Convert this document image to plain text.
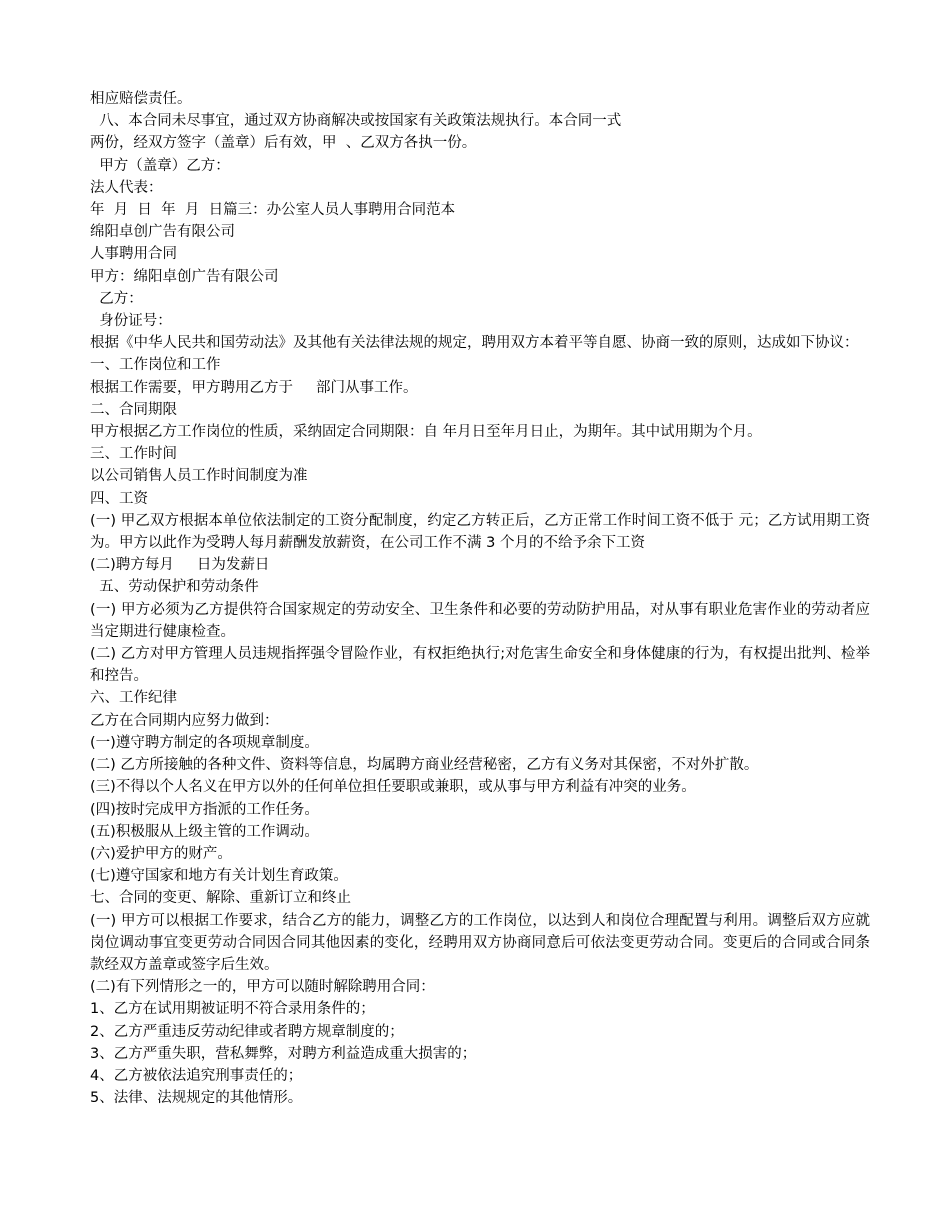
相应赔偿责任。
八、本合同未尽事宜，通过双方协商解决或按国家有关政策法规执行。本合同一式
两份，经双方签字（盖章）后有效，甲  、乙双方各执一份。
甲方（盖章）乙方：
法人代表：
年  月  日  年  月  日篇三：办公室人员人事聘用合同范本
绵阳卓创广告有限公司
人事聘用合同
甲方：绵阳卓创广告有限公司
乙方：
身份证号：
根据《中华人民共和国劳动法》及其他有关法律法规的规定，聘用双方本着平等自愿、协商一致的原则，达成如下协议：
一、工作岗位和工作
根据工作需要，甲方聘用乙方于     部门从事工作。
二、合同期限
甲方根据乙方工作岗位的性质，采纳固定合同期限：自 年月日至年月日止，为期年。其中试用期为个月。
三、工作时间
以公司销售人员工作时间制度为准
四、工资
(一) 甲乙双方根据本单位依法制定的工资分配制度，约定乙方转正后，乙方正常工作时间工资不低于 元；乙方试用期工资为。甲方以此作为受聘人每月薪酬发放薪资，在公司工作不满 3 个月的不给予余下工资
(二)聘方每月     日为发薪日
五、劳动保护和劳动条件
(一) 甲方必须为乙方提供符合国家规定的劳动安全、卫生条件和必要的劳动防护用品，对从事有职业危害作业的劳动者应当定期进行健康检查。
(二) 乙方对甲方管理人员违规指挥强令冒险作业，有权拒绝执行;对危害生命安全和身体健康的行为，有权提出批判、检举和控告。
六、工作纪律
乙方在合同期内应努力做到：
(一)遵守聘方制定的各项规章制度。
(二) 乙方所接触的各种文件、资料等信息，均属聘方商业经营秘密，乙方有义务对其保密，不对外扩散。
(三)不得以个人名义在甲方以外的任何单位担任要职或兼职，或从事与甲方利益有冲突的业务。
(四)按时完成甲方指派的工作任务。
(五)积极服从上级主管的工作调动。
(六)爱护甲方的财产。
(七)遵守国家和地方有关计划生育政策。
七、合同的变更、解除、重新订立和终止
(一) 甲方可以根据工作要求，结合乙方的能力，调整乙方的工作岗位，以达到人和岗位合理配置与利用。调整后双方应就岗位调动事宜变更劳动合同因合同其他因素的变化，经聘用双方协商同意后可依法变更劳动合同。变更后的合同或合同条款经双方盖章或签字后生效。
(二)有下列情形之一的，甲方可以随时解除聘用合同：
1、乙方在试用期被证明不符合录用条件的；
2、乙方严重违反劳动纪律或者聘方规章制度的；
3、乙方严重失职，营私舞弊，对聘方利益造成重大损害的；
4、乙方被依法追究刑事责任的；
5、法律、法规规定的其他情形。
